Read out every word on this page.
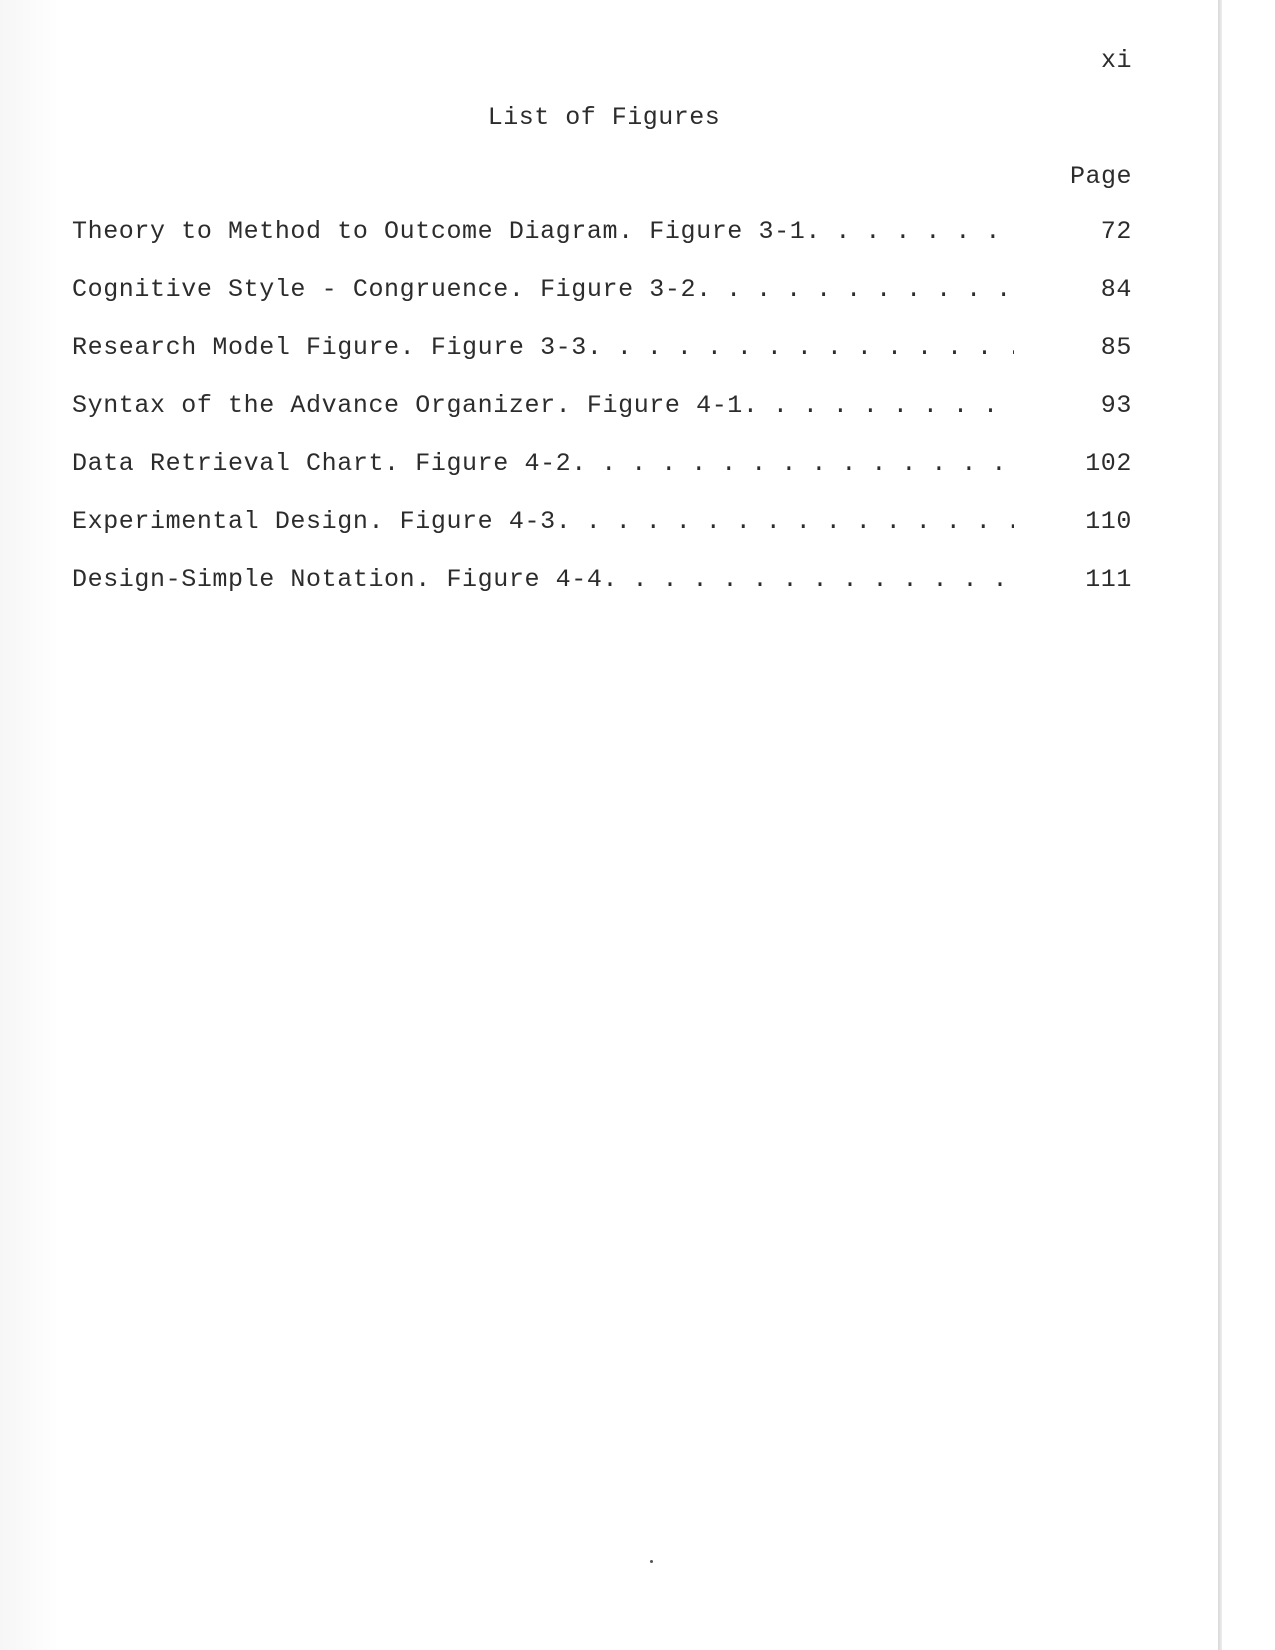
xi
List of Figures
Page
Theory to Method to Outcome Diagram. Figure 3-1 . . .	72
Cognitive Style - Congruence. Figure 3-2 . . .	84
Research Model Figure. Figure 3-3 . . .	85
Syntax of the Advance Organizer. Figure 4-1 . . .	93
Data Retrieval Chart. Figure 4-2 . . .	102
Experimental Design. Figure 4-3 . . .	110
Design-Simple Notation. Figure 4-4 . . .	111
